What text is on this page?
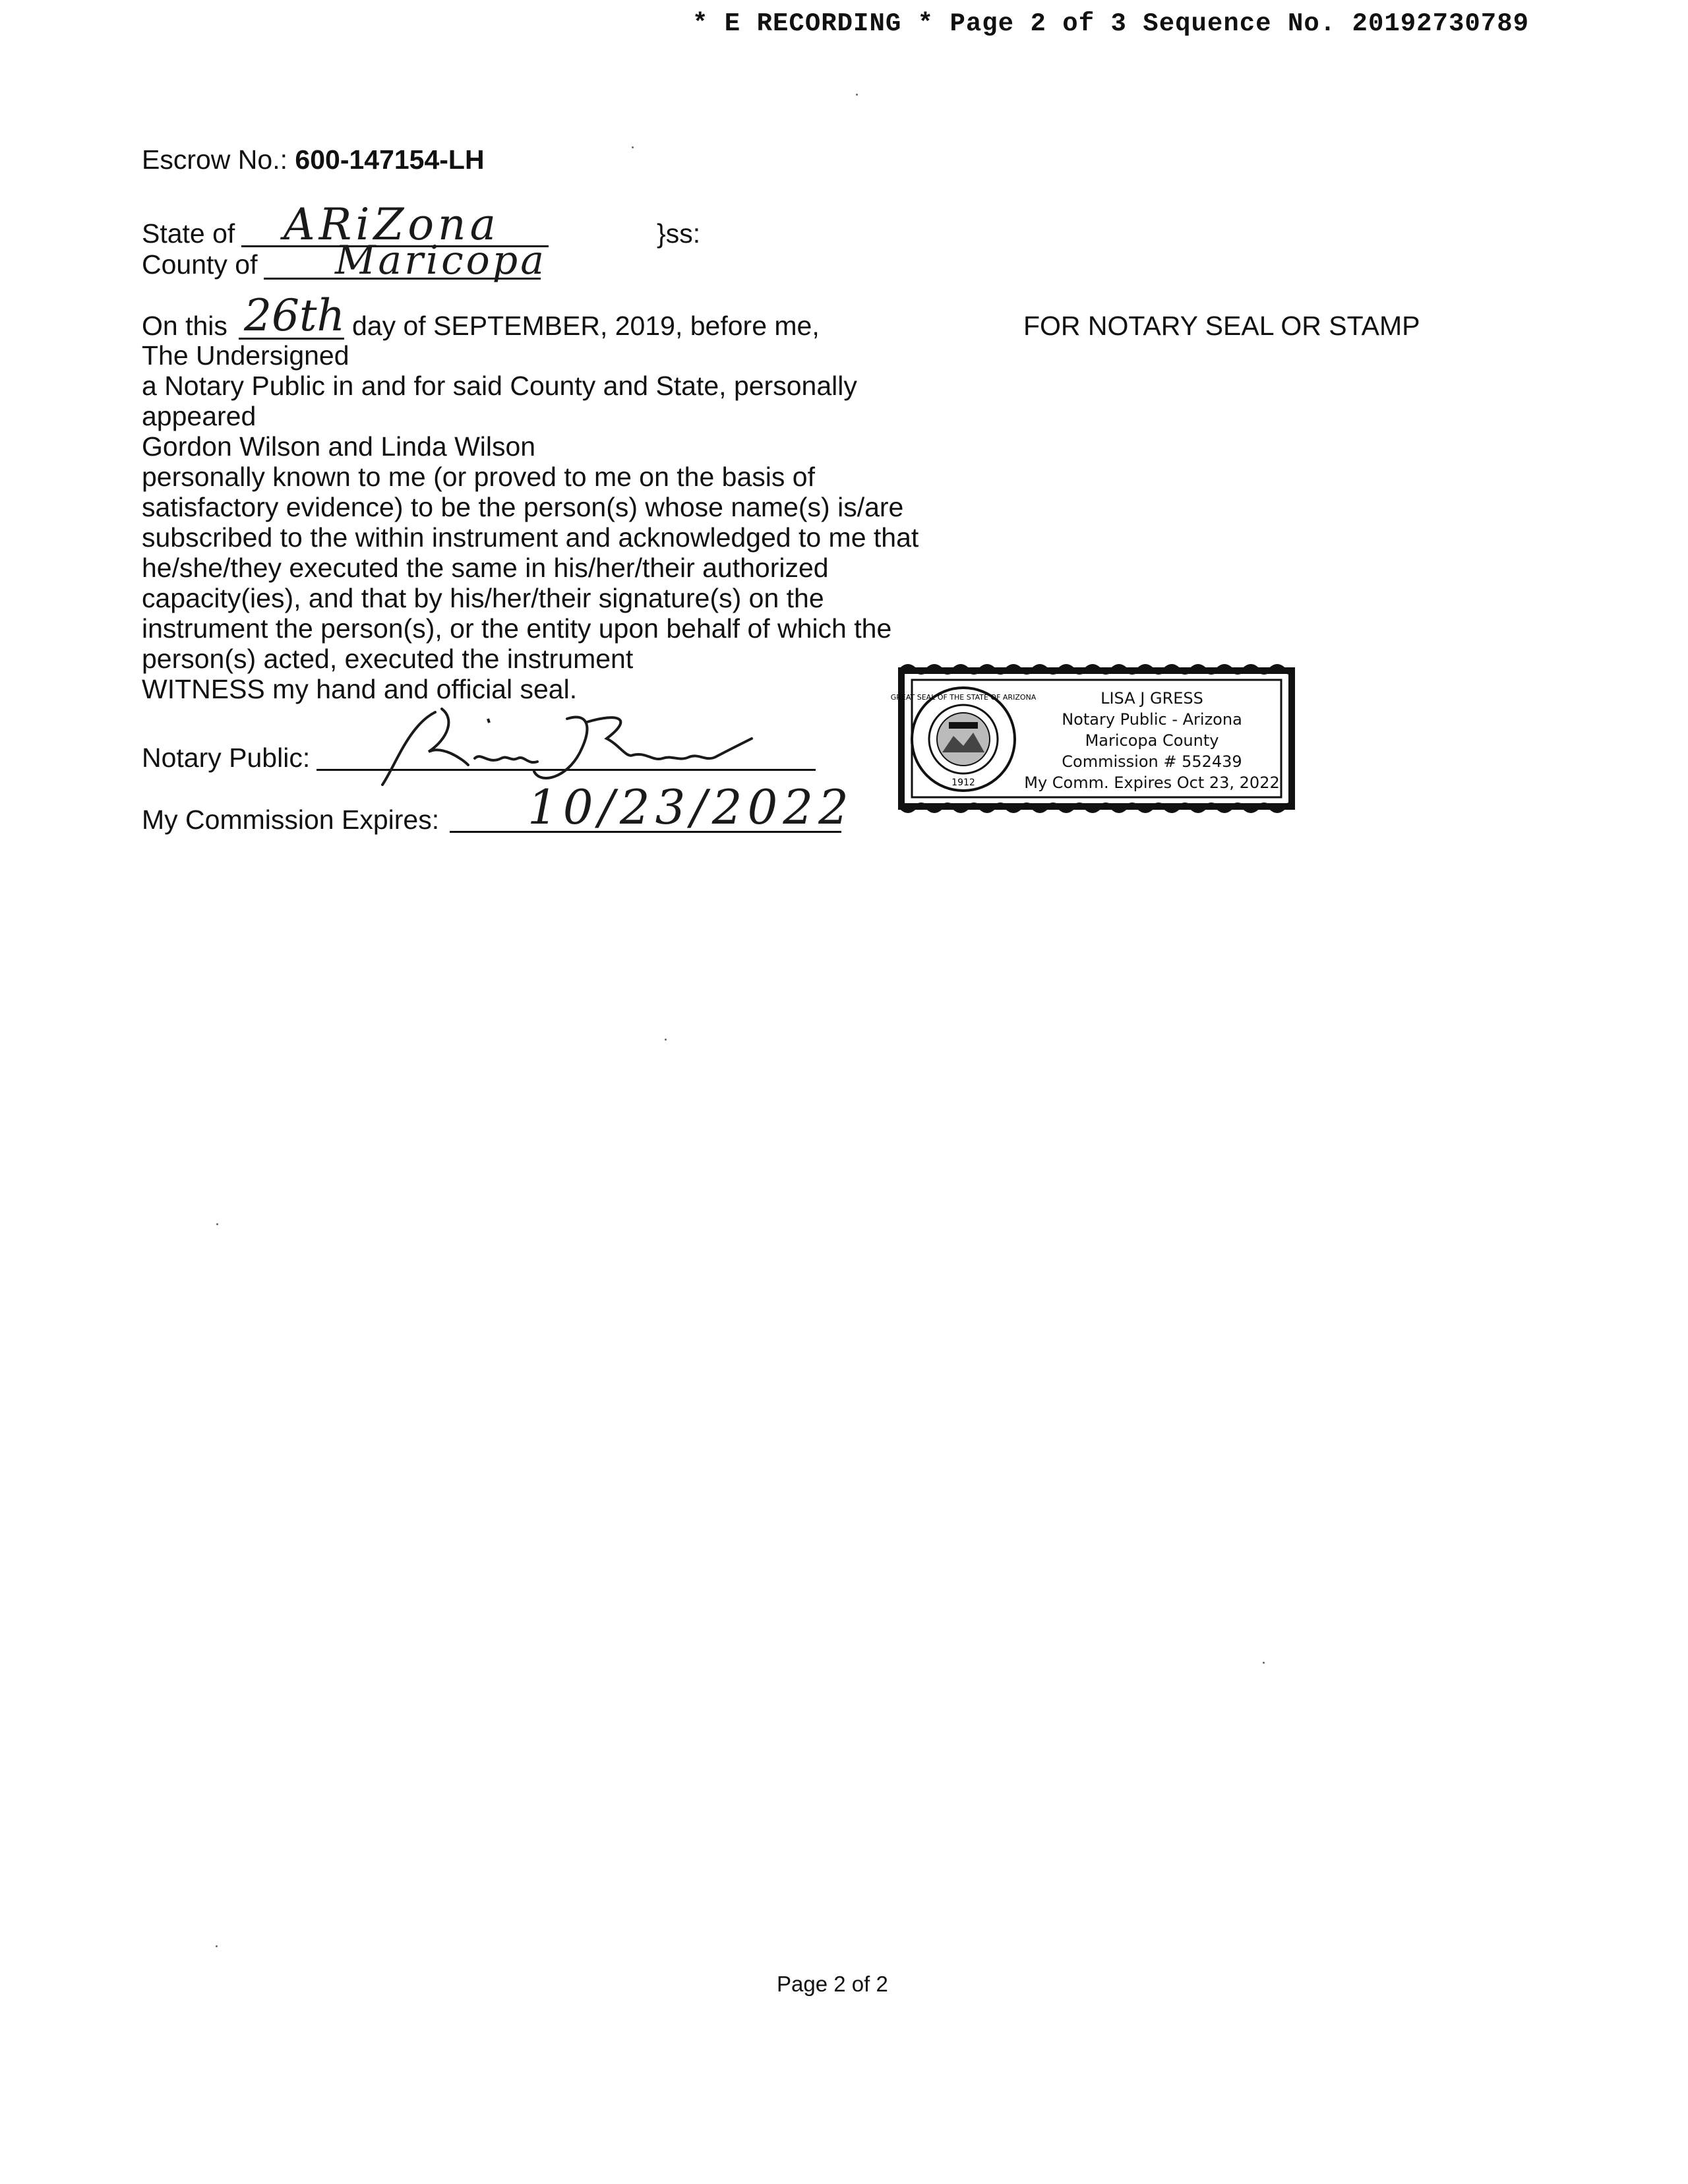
* E RECORDING * Page 2 of 3 Sequence No. 20192730789
Escrow No.: 600-147154-LH
State of ARiZona	}ss:
County of Maricopa
On this 26th day of SEPTEMBER, 2019, before me,	FOR NOTARY SEAL OR STAMP
The Undersigned
a Notary Public in and for said County and State, personally
appeared
Gordon Wilson and Linda Wilson
personally known to me (or proved to me on the basis of
satisfactory evidence) to be the person(s) whose name(s) is/are
subscribed to the within instrument and acknowledged to me that
he/she/they executed the same in his/her/their authorized
capacity(ies), and that by his/her/their signature(s) on the
instrument the person(s), or the entity upon behalf of which the
person(s) acted, executed the instrument
WITNESS my hand and official seal.
Notary Public:
My Commission Expires: 10/23/2022	1912
GREAT SEAL OF THE STATE OF ARIZONA	LISA J GRESS
Notary Public - Arizona
Maricopa County
Commission # 552439
My Comm. Expires Oct 23, 2022
Page 2 of 2
